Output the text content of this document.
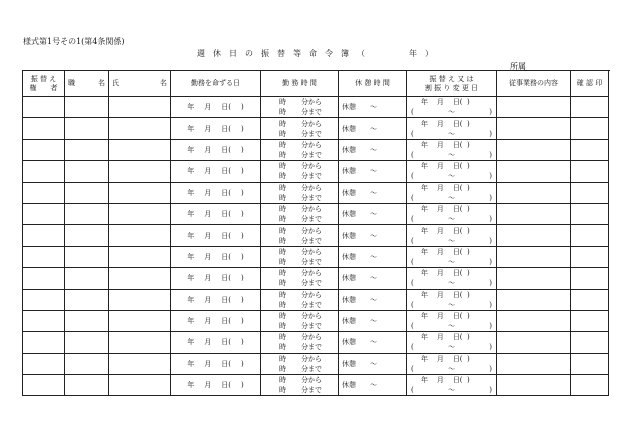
様式第1号その1(第4条関係)
週 休 日 の 振 替 等 命 令 簿 （	年 ）
所属
振 替 え
権　　者	職 名	氏 名	勤務を命ずる日	勤 務 時 間	休 憩 時 間	振 替 え 又 は
割 振 り 変 更 日	従事業務の内容	確 認 印
			年 月 日( )	時 分から
時 分まで	休憩 ～	年 月 日( )
( ～ )		

			年 月 日( )	時 分から
時 分まで	休憩 ～	年 月 日( )
( ～ )		

			年 月 日( )	時 分から
時 分まで	休憩 ～	年 月 日( )
( ～ )		

			年 月 日( )	時 分から
時 分まで	休憩 ～	年 月 日( )
( ～ )		

			年 月 日( )	時 分から
時 分まで	休憩 ～	年 月 日( )
( ～ )		

			年 月 日( )	時 分から
時 分まで	休憩 ～	年 月 日( )
( ～ )		

			年 月 日( )	時 分から
時 分まで	休憩 ～	年 月 日( )
( ～ )		

			年 月 日( )	時 分から
時 分まで	休憩 ～	年 月 日( )
( ～ )		

			年 月 日( )	時 分から
時 分まで	休憩 ～	年 月 日( )
( ～ )		

			年 月 日( )	時 分から
時 分まで	休憩 ～	年 月 日( )
( ～ )		

			年 月 日( )	時 分から
時 分まで	休憩 ～	年 月 日( )
( ～ )		

			年 月 日( )	時 分から
時 分まで	休憩 ～	年 月 日( )
( ～ )		

			年 月 日( )	時 分から
時 分まで	休憩 ～	年 月 日( )
( ～ )		

			年 月 日( )	時 分から
時 分まで	休憩 ～	年 月 日( )
( ～ )		
